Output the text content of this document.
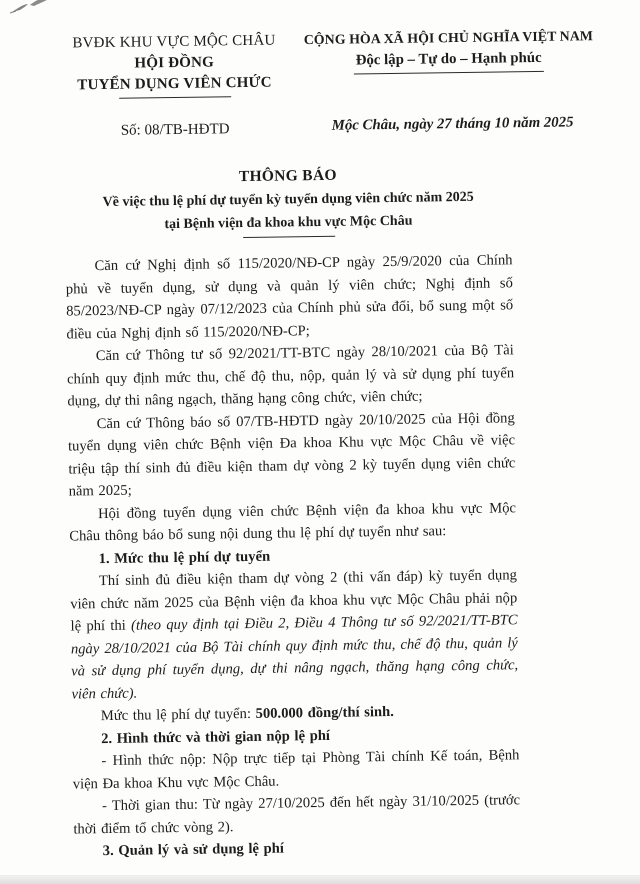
BVĐK KHU VỰC MỘC CHÂU
HỘI ĐỒNG
TUYỂN DỤNG VIÊN CHỨC
Số: 08/TB-HĐTD
CỘNG HÒA XÃ HỘI CHỦ NGHĨA VIỆT NAM
Độc lập – Tự do – Hạnh phúc
Mộc Châu, ngày 27 tháng 10 năm 2025
THÔNG BÁO
Về việc thu lệ phí dự tuyển kỳ tuyển dụng viên chức năm 2025
tại Bệnh viện đa khoa khu vực Mộc Châu

Căn cứ Nghị định số 115/2020/NĐ-CP ngày 25/9/2020 của Chính phủ về tuyển dụng, sử dụng và quản lý viên chức; Nghị định số 85/2023/NĐ-CP ngày 07/12/2023 của Chính phủ sửa đổi, bổ sung một số điều của Nghị định số 115/2020/NĐ-CP;

Căn cứ Thông tư số 92/2021/TT-BTC ngày 28/10/2021 của Bộ Tài chính quy định mức thu, chế độ thu, nộp, quản lý và sử dụng phí tuyển dụng, dự thi nâng ngạch, thăng hạng công chức, viên chức;

Căn cứ Thông báo số 07/TB-HĐTD ngày 20/10/2025 của Hội đồng tuyển dụng viên chức Bệnh viện Đa khoa Khu vực Mộc Châu về việc triệu tập thí sinh đủ điều kiện tham dự vòng 2 kỳ tuyển dụng viên chức năm 2025;

Hội đồng tuyển dụng viên chức Bệnh viện đa khoa khu vực Mộc Châu thông báo bổ sung nội dung thu lệ phí dự tuyển như sau:

1. Mức thu lệ phí dự tuyển

Thí sinh đủ điều kiện tham dự vòng 2 (thi vấn đáp) kỳ tuyển dụng viên chức năm 2025 của Bệnh viện đa khoa khu vực Mộc Châu phải nộp lệ phí thi (theo quy định tại Điều 2, Điều 4 Thông tư số 92/2021/TT-BTC ngày 28/10/2021 của Bộ Tài chính quy định mức thu, chế độ thu, quản lý và sử dụng phí tuyển dụng, dự thi nâng ngạch, thăng hạng công chức, viên chức).

Mức thu lệ phí dự tuyển: 500.000 đồng/thí sinh.

2. Hình thức và thời gian nộp lệ phí

- Hình thức nộp: Nộp trực tiếp tại Phòng Tài chính Kế toán, Bệnh viện Đa khoa Khu vực Mộc Châu.

- Thời gian thu: Từ ngày 27/10/2025 đến hết ngày 31/10/2025 (trước thời điểm tổ chức vòng 2).

3. Quản lý và sử dụng lệ phí
